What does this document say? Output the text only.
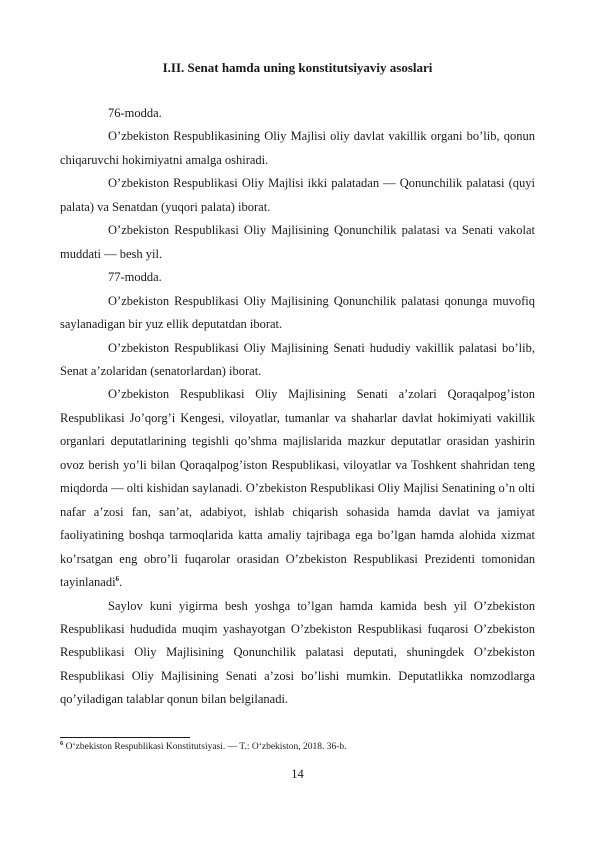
I.II. Senat hamda uning konstitutsiyaviy asoslari

76-modda.

O’zbekiston Respublikasining Oliy Majlisi oliy davlat vakillik organi bo’lib, qonun chiqaruvchi hokimiyatni amalga oshiradi.

O’zbekiston Respublikasi Oliy Majlisi ikki palatadan — Qonunchilik palatasi (quyi palata) va Senatdan (yuqori palata) iborat.

O’zbekiston Respublikasi Oliy Majlisining Qonunchilik palatasi va Senati vakolat muddati — besh yil.

77-modda.

O’zbekiston Respublikasi Oliy Majlisining Qonunchilik palatasi qonunga muvofiq saylanadigan bir yuz ellik deputatdan iborat.

O’zbekiston Respublikasi Oliy Majlisining Senati hududiy vakillik palatasi bo’lib, Senat a’zolaridan (senatorlardan) iborat.

O’zbekiston Respublikasi Oliy Majlisining Senati a’zolari Qoraqalpog’iston Respublikasi Jo’qorg’i Kengesi, viloyatlar, tumanlar va shaharlar davlat hokimiyati vakillik organlari deputatlarining tegishli qo’shma majlislarida mazkur deputatlar orasidan yashirin ovoz berish yo’li bilan Qoraqalpog’iston Respublikasi, viloyatlar va Toshkent shahridan teng miqdorda — olti kishidan saylanadi. O’zbekiston Respublikasi Oliy Majlisi Senatining o’n olti nafar a’zosi fan, san’at, adabiyot, ishlab chiqarish sohasida hamda davlat va jamiyat faoliyatining boshqa tarmoqlarida katta amaliy tajribaga ega bo’lgan hamda alohida xizmat ko’rsatgan eng obro’li fuqarolar orasidan O’zbekiston Respublikasi Prezidenti tomonidan tayinlanadi$^6$.

Saylov kuni yigirma besh yoshga to’lgan hamda kamida besh yil O’zbekiston Respublikasi hududida muqim yashayotgan O’zbekiston Respublikasi fuqarosi O’zbekiston Respublikasi Oliy Majlisining Qonunchilik palatasi deputati, shuningdek O’zbekiston Respublikasi Oliy Majlisining Senati a’zosi bo’lishi mumkin. Deputatlikka nomzodlarga qo’yiladigan talablar qonun bilan belgilanadi.

$^6$ O‘zbekiston Respublikasi Konstitutsiyasi. — T.: O‘zbekiston, 2018. 36-b.
14
